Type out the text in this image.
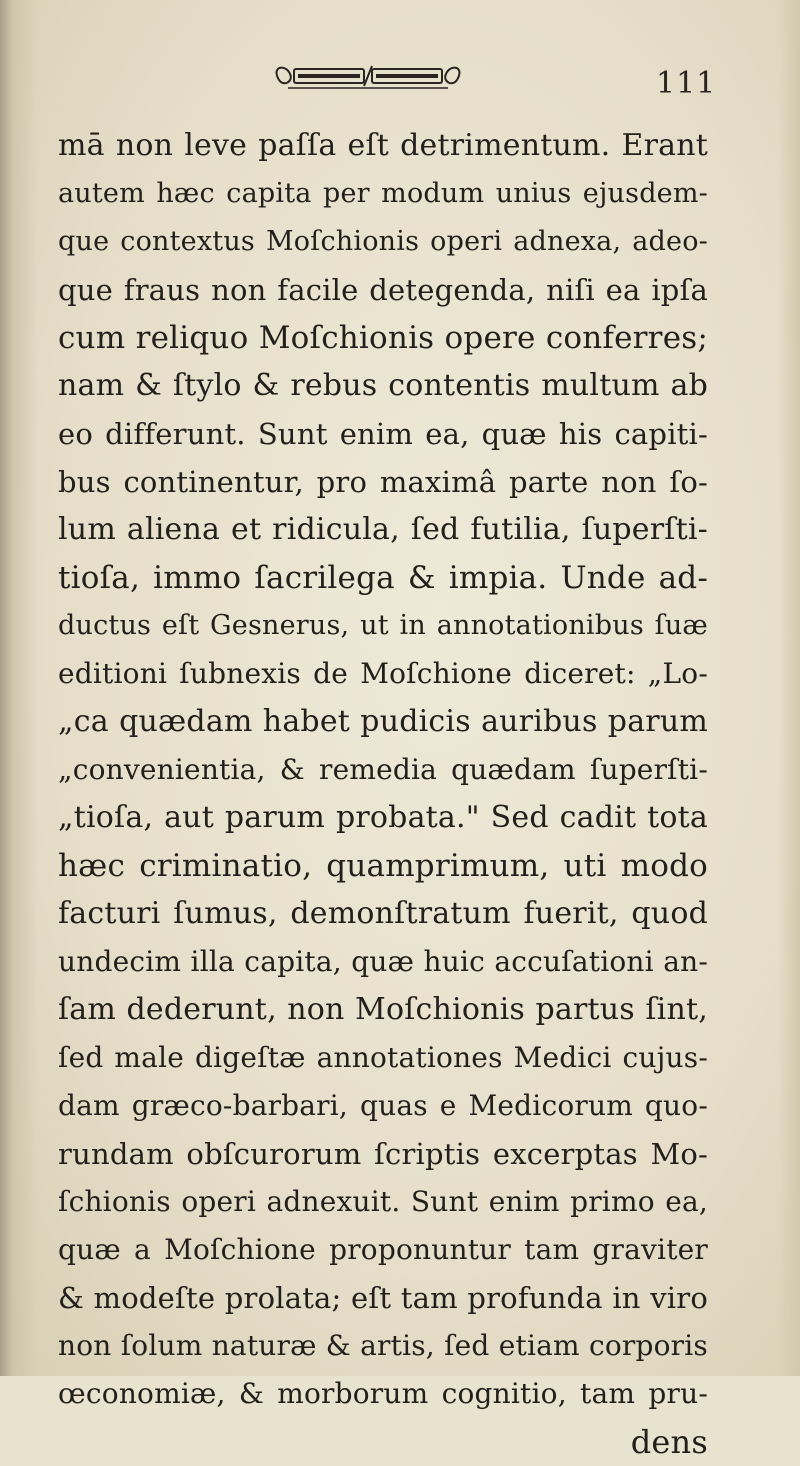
111
mā non leve paſſa eſt detrimentum. Erant
autem hæc capita per modum unius ejusdem-
que contextus Moſchionis operi adnexa, adeo-
que fraus non facile detegenda, niſi ea ipſa
cum reliquo Moſchionis opere conferres;
nam & ſtylo & rebus contentis multum ab
eo differunt. Sunt enim ea, quæ his capiti-
bus continentur, pro maximâ parte non ſo-
lum aliena et ridicula, ſed futilia, ſuperſti-
tioſa, immo ſacrilega & impia. Unde ad-
ductus eſt Gesnerus, ut in annotationibus ſuæ
editioni ſubnexis de Moſchione diceret: „Lo-
„ca quædam habet pudicis auribus parum
„convenientia, & remedia quædam ſuperſti-
„tioſa, aut parum probata." Sed cadit tota
hæc criminatio, quamprimum, uti modo
facturi ſumus, demonſtratum fuerit, quod
undecim illa capita, quæ huic accuſationi an-
ſam dederunt, non Moſchionis partus ſint,
ſed male digeſtæ annotationes Medici cujus-
dam græco-barbari, quas e Medicorum quo-
rundam obſcurorum ſcriptis excerptas Mo-
ſchionis operi adnexuit. Sunt enim primo ea,
quæ a Moſchione proponuntur tam graviter
& modeſte prolata; eſt tam profunda in viro
non ſolum naturæ & artis, ſed etiam corporis
œconomiæ, & morborum cognitio, tam pru-
dens
